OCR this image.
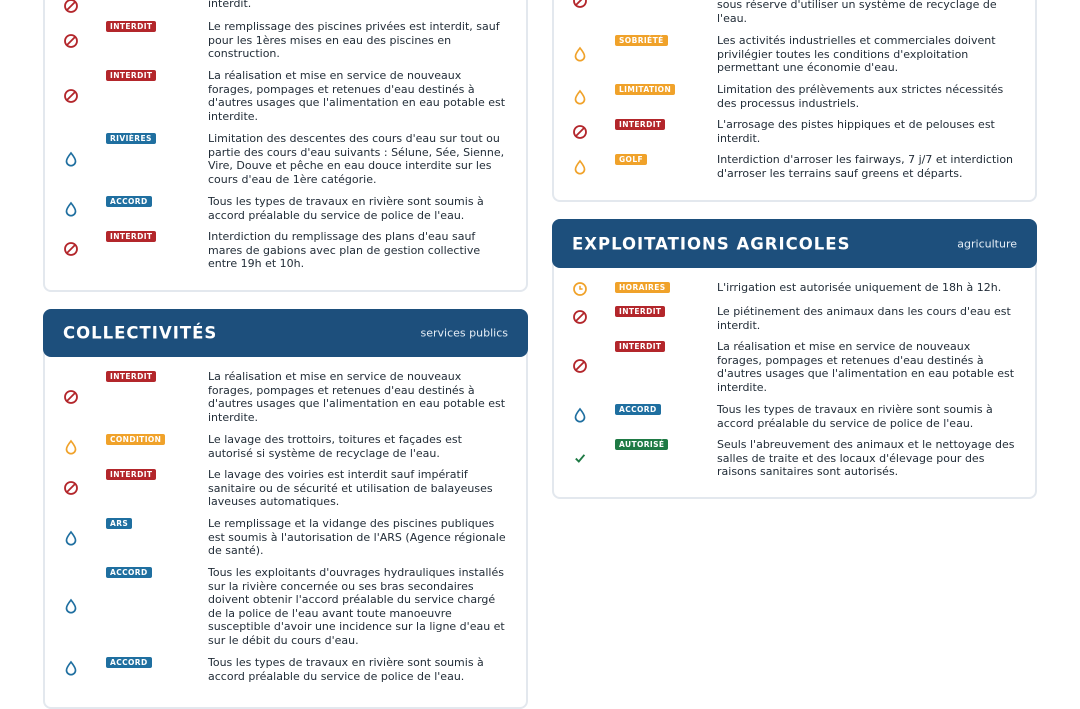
interdit.
INTERDIT	Le remplissage des piscines privées est interdit, sauf pour les 1ères mises en eau des piscines en construction.
INTERDIT	La réalisation et mise en service de nouveaux forages, pompages et retenues d'eau destinés à d'autres usages que l'alimentation en eau potable est interdite.
RIVIÈRES	Limitation des descentes des cours d'eau sur tout ou partie des cours d'eau suivants : Sélune, Sée, Sienne, Vire, Douve et pêche en eau douce interdite sur les cours d'eau de 1ère catégorie.
ACCORD	Tous les types de travaux en rivière sont soumis à accord préalable du service de police de l'eau.
INTERDIT	Interdiction du remplissage des plans d'eau sauf mares de gabions avec plan de gestion collective entre 19h et 10h.
INTERDIT	La réalisation et mise en service de nouveaux forages, pompages et retenues d'eau destinés à d'autres usages que l'alimentation en eau potable est interdite.
CONDITION	Le lavage des trottoirs, toitures et façades est autorisé si système de recyclage de l'eau.
INTERDIT	Le lavage des voiries est interdit sauf impératif sanitaire ou de sécurité et utilisation de balayeuses laveuses automatiques.
ARS	Le remplissage et la vidange des piscines publiques est soumis à l'autorisation de l'ARS (Agence régionale de santé).
ACCORD	Tous les exploitants d'ouvrages hydrauliques installés sur la rivière concernée ou ses bras secondaires doivent obtenir l'accord préalable du service chargé de la police de l'eau avant toute manoeuvre susceptible d'avoir une incidence sur la ligne d'eau et sur le débit du cours d'eau.
ACCORD	Tous les types de travaux en rivière sont soumis à accord préalable du service de police de l'eau.
COLLECTIVITÉS	services publics
sous réserve d'utiliser un système de recyclage de l'eau.
SOBRIÉTÉ	Les activités industrielles et commerciales doivent privilégier toutes les conditions d'exploitation permettant une économie d'eau.
LIMITATION	Limitation des prélèvements aux strictes nécessités des processus industriels.
INTERDIT	L'arrosage des pistes hippiques et de pelouses est interdit.
GOLF	Interdiction d'arroser les fairways, 7 j/7 et interdiction d'arroser les terrains sauf greens et départs.
HORAIRES	L'irrigation est autorisée uniquement de 18h à 12h.
INTERDIT	Le piétinement des animaux dans les cours d'eau est interdit.
INTERDIT	La réalisation et mise en service de nouveaux forages, pompages et retenues d'eau destinés à d'autres usages que l'alimentation en eau potable est interdite.
ACCORD	Tous les types de travaux en rivière sont soumis à accord préalable du service de police de l'eau.
AUTORISÉ	Seuls l'abreuvement des animaux et le nettoyage des salles de traite et des locaux d'élevage pour des raisons sanitaires sont autorisés.
EXPLOITATIONS AGRICOLES	agriculture
